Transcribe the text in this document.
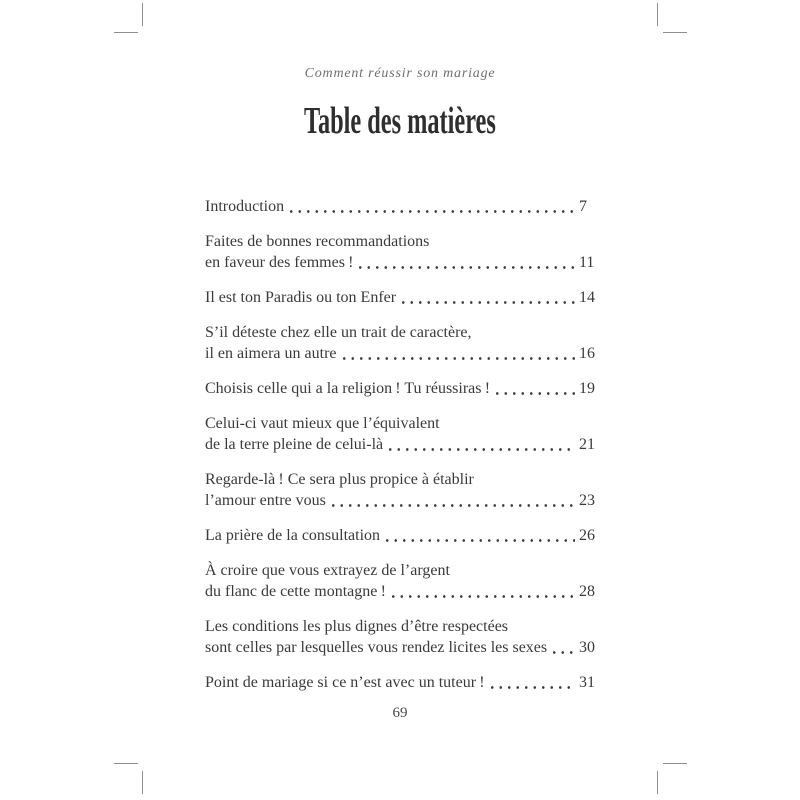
Comment réussir son mariage
Table des matières
Introduction	7
Faites de bonnes recommandations
en faveur des femmes !	11
Il est ton Paradis ou ton Enfer	14
S’il déteste chez elle un trait de caractère,
il en aimera un autre	16
Choisis celle qui a la religion ! Tu réussiras !	19
Celui-ci vaut mieux que l’équivalent
de la terre pleine de celui-là	21
Regarde-là ! Ce sera plus propice à établir
l’amour entre vous	23
La prière de la consultation	26
À croire que vous extrayez de l’argent
du flanc de cette montagne !	28
Les conditions les plus dignes d’être respectées
sont celles par lesquelles vous rendez licites les sexes 30
Point de mariage si ce n’est avec un tuteur !	31
69
